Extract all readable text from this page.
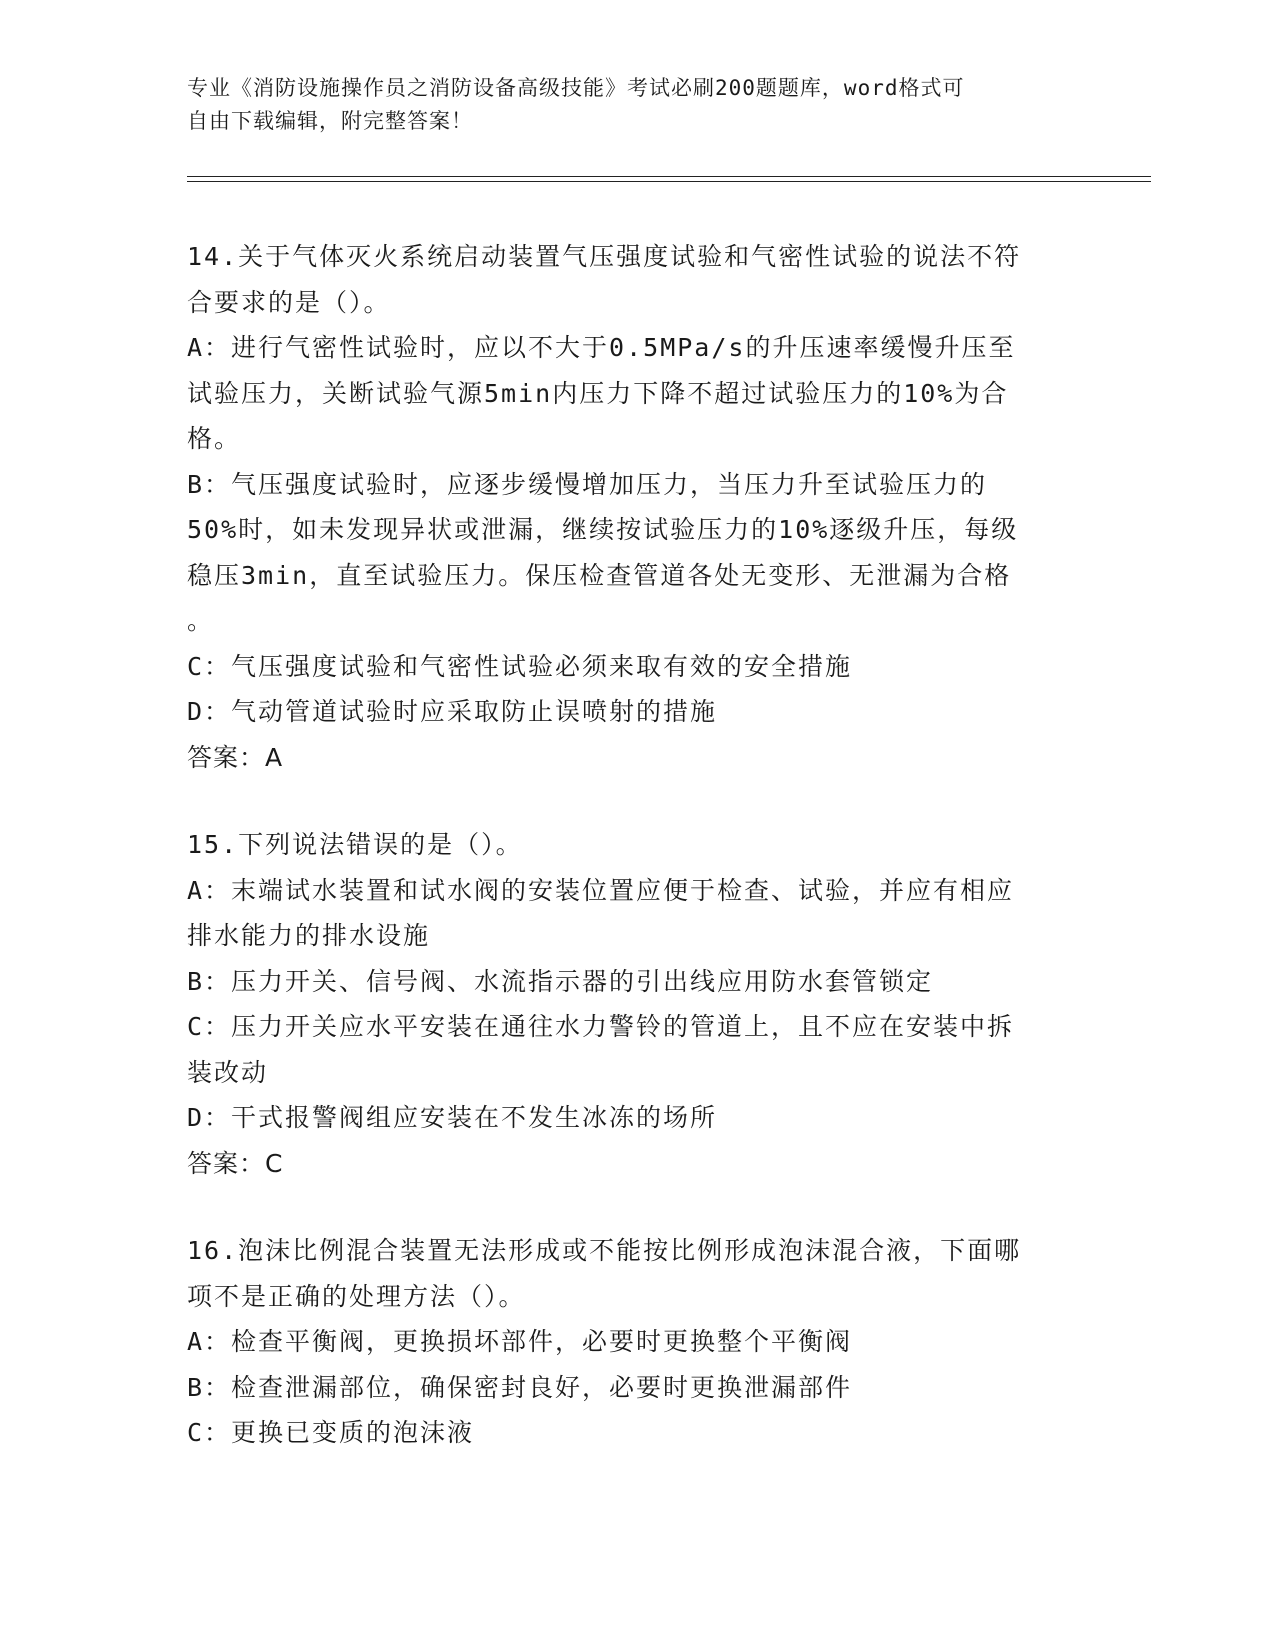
专业《消防设施操作员之消防设备高级技能》考试必刷200题题库，word格式可
自由下载编辑，附完整答案！
14.关于气体灭火系统启动装置气压强度试验和气密性试验的说法不符
合要求的是（）。
A：进行气密性试验时，应以不大于0.5MPa/s的升压速率缓慢升压至
试验压力，关断试验气源5min内压力下降不超过试验压力的10%为合
格。
B：气压强度试验时，应逐步缓慢增加压力，当压力升至试验压力的
50%时，如未发现异状或泄漏，继续按试验压力的10%逐级升压，每级
稳压3min，直至试验压力。保压检查管道各处无变形、无泄漏为合格
。
C：气压强度试验和气密性试验必须来取有效的安全措施
D：气动管道试验时应采取防止误喷射的措施
答案：A
15.下列说法错误的是（）。
A：末端试水装置和试水阀的安装位置应便于检查、试验，并应有相应
排水能力的排水设施
B：压力开关、信号阀、水流指示器的引出线应用防水套管锁定
C：压力开关应水平安装在通往水力警铃的管道上，且不应在安装中拆
装改动
D：干式报警阀组应安装在不发生冰冻的场所
答案：C
16.泡沫比例混合装置无法形成或不能按比例形成泡沫混合液，下面哪
项不是正确的处理方法（）。
A：检查平衡阀，更换损坏部件，必要时更换整个平衡阀
B：检查泄漏部位，确保密封良好，必要时更换泄漏部件
C：更换已变质的泡沫液
